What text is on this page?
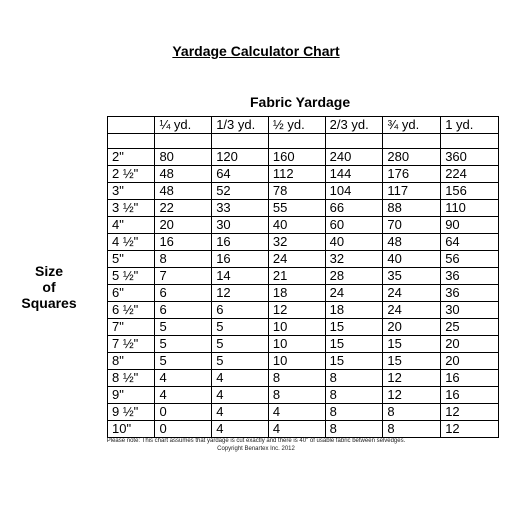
Yardage Calculator Chart
Fabric Yardage
Size
of
Squares
	¼ yd.	1/3 yd.	½ yd.	2/3 yd.	¾ yd.	1 yd.

2"	80	120	160	240	280	360
2 ½"	48	64	112	144	176	224
3"	48	52	78	104	117	156
3 ½"	22	33	55	66	88	110
4"	20	30	40	60	70	90
4 ½"	16	16	32	40	48	64
5"	8	16	24	32	40	56
5 ½"	7	14	21	28	35	36
6"	6	12	18	24	24	36
6 ½"	6	6	12	18	24	30
7"	5	5	10	15	20	25
7 ½"	5	5	10	15	15	20
8"	5	5	10	15	15	20
8 ½"	4	4	8	8	12	16
9"	4	4	8	8	12	16
9 ½"	0	4	4	8	8	12
10"	0	4	4	8	8	12
Please note: This chart assumes that yardage is cut exactly and there is 40" of usable fabric between selvedges.
Copyright Benartex Inc. 2012
